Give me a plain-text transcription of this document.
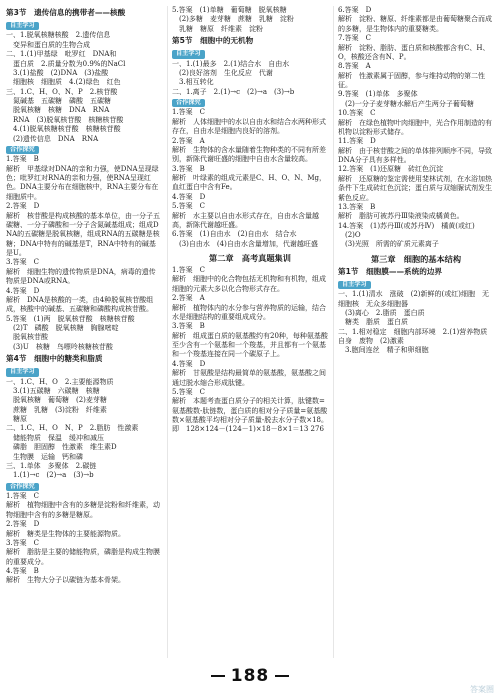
第3节　遗传信息的携带者——核酸
自主学习
一、1.脱氧核糖核酸　2.遗传信息
　变异和蛋白质的生物合成
二、1.(1)甲基绿　吡罗红　DNA和
　蛋白质　2.质量分数为0.9%的NaCl
　3.(1)盐酸　(2)DNA　(3)盐酸
　细胞核　细胞质　4.(2)绿色　红色
三、1.C、H、O、N、P　2.核苷酸
　氮碱基　五碳糖　磷酸　五碳糖
　脱氧核糖　核糖　DNA　RNA
　RNA　(3)脱氧核苷酸　核糖核苷酸
　4.(1)脱氧核糖核苷酸　核糖核苷酸
　(2)遗传信息　DNA　RNA
合作探究
1.答案　B
解析　甲基绿对DNA的亲和力强，使DNA呈现绿色；吡罗红对RNA的亲和力强，使RNA呈现红色。DNA主要分布在细胞核中，RNA主要分布在细胞质中。
2.答案　D
解析　核苷酸是构成核酸的基本单位，由一分子五碳糖、一分子磷酸和一分子含氮碱基组成；组成DNA的五碳糖是脱氧核糖，组成RNA的五碳糖是核糖；DNA中特有的碱基是T，RNA中特有的碱基是U。
3.答案　C
解析　细胞生物的遗传物质是DNA，病毒的遗传物质是DNA或RNA。
4.答案　D
解析　DNA是核酸的一类，由4种脱氧核苷酸组成，核酸中的碱基、五碳糖和磷酸构成核苷酸。
5.答案　(1)两　脱氧核苷酸　核糖核苷酸
　(2)T　磷酸　脱氧核糖　胸腺嘧啶
　脱氧核苷酸
　(3)U　核糖　鸟嘌呤核糖核苷酸
第4节　细胞中的糖类和脂质
自主学习
一、1.C、H、O　2.主要能源物质
　3.(1)五碳糖　六碳糖　核糖
　脱氧核糖　葡萄糖　(2)麦芽糖
　蔗糖　乳糖　(3)淀粉　纤维素
　糖原
二、1.C、H、O　N、P　2.脂肪　性激素
　储能物质　保温　缓冲和减压
　磷脂　胆固醇　性激素　维生素D
　生物膜　运输　钙和磷
三、1.单体　多聚体　2.碳链
　1.(1)→c　(2)→a　(3)→b
合作探究
1.答案　C
解析　植物细胞中含有的多糖是淀粉和纤维素，动物细胞中含有的多糖是糖原。
2.答案　D
解析　糖类是生物体的主要能源物质。
3.答案　C
解析　脂肪是主要的储能物质，磷脂是构成生物膜的重要成分。
4.答案　B
解析　生物大分子以碳链为基本骨架。
5.答案　(1)单糖　葡萄糖　脱氧核糖
　(2)多糖　麦芽糖　蔗糖　乳糖　淀粉
　乳糖　糖原　纤维素　淀粉
第5节　细胞中的无机物
自主学习
一、1.(1)最多　2.(1)结合水　自由水
　(2)良好溶剂　生化反应　代谢
　3.相互转化
二、1.离子　2.(1)→c　(2)→a　(3)→b
合作探究
1.答案　C
解析　人体细胞中的水以自由水和结合水两种形式存在，自由水是细胞内良好的溶剂。
2.答案　A
解析　生物体的含水量随着生物种类的不同有所差别，新陈代谢旺盛的细胞中自由水含量较高。
3.答案　B
解析　叶绿素的组成元素是C、H、O、N、Mg，血红蛋白中含有Fe。
4.答案　D
5.答案　C
解析　水主要以自由水形式存在，自由水含量越高，新陈代谢越旺盛。
6.答案　(1)自由水　(2)自由水　结合水
　(3)自由水　(4)自由水含量增加，代谢越旺盛
第二章　高考真题集训
1.答案　C
解析　细胞中的化合物包括无机物和有机物，组成细胞的元素大多以化合物形式存在。
2.答案　A
解析　植物体内的水分参与营养物质的运输，结合水是细胞结构的重要组成成分。
3.答案　B
解析　组成蛋白质的氨基酸约有20种，每种氨基酸至少含有一个氨基和一个羧基，并且都有一个氨基和一个羧基连接在同一个碳原子上。
4.答案　D
解析　甘氨酸是结构最简单的氨基酸，氨基酸之间通过脱水缩合形成肽键。
5.答案　C
解析　本题考查蛋白质分子的相关计算，肽键数=氨基酸数-肽链数，蛋白质的相对分子质量=氨基酸数×氨基酸平均相对分子质量-脱去水分子数×18。
即　128×124－(124－1)×18－8×1＝13 276
6.答案　D
解析　淀粉、糖原、纤维素都是由葡萄糖聚合而成的多糖，是生物体内的重要糖类。
7.答案　C
解析　淀粉、脂肪、蛋白质和核酸都含有C、H、O，核酸还含有N、P。
8.答案　A
解析　性激素属于固醇，参与维持动物的第二性征。
9.答案　(1)单体　多聚体
　(2)一分子麦芽糖水解后产生两分子葡萄糖
10.答案　C
解析　在绿色植物叶肉细胞中，光合作用制造的有机物以淀粉形式储存。
11.答案　D
解析　由于核苷酸之间的单体排列顺序不同，导致DNA分子具有多样性。
12.答案　(1)还原糖　砖红色沉淀
解析　还原糖的鉴定需使用斐林试剂，在水浴加热条件下生成砖红色沉淀；蛋白质与双缩脲试剂发生紫色反应。
13.答案　B
解析　脂肪可被苏丹Ⅲ染液染成橘黄色。
14.答案　(1)苏丹Ⅲ(或苏丹Ⅳ)　橘黄(或红)
　(2)O
　(3)光照　所需的矿质元素离子
第三章　细胞的基本结构
第1节　细胞膜——系统的边界
自主学习
一、1.(1)清水　涨破　(2)新鲜的(或红)细胞　无细胞核　无众多细胞器
　(3)离心　2.脂质　蛋白质
　糖类　脂质　蛋白质
二、1.相对稳定　细胞内部环境　2.(1)营养物质　自身　废物　(2)激素
　3.胞间连丝　精子和卵细胞
188
答案圈
